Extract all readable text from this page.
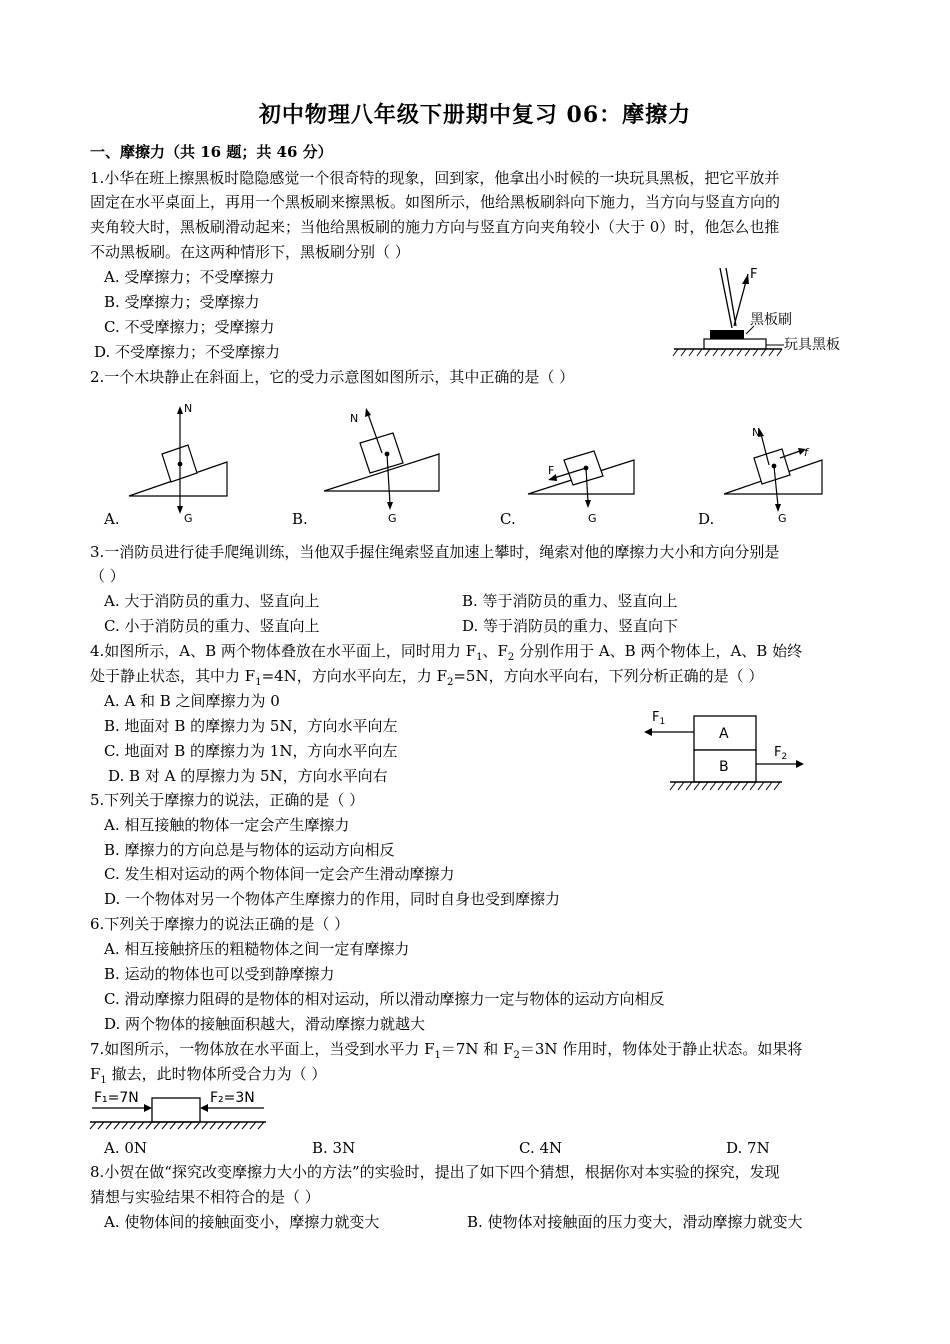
初中物理八年级下册期中复习 06：摩擦力
一、摩擦力（共 16 题；共 46 分）
1.小华在班上擦黑板时隐隐感觉一个很奇特的现象，回到家，他拿出小时候的一块玩具黑板，把它平放并
固定在水平桌面上，再用一个黑板刷来擦黑板。如图所示，他给黑板刷斜向下施力，当方向与竖直方向的
夹角较大时，黑板刷滑动起来；当他给黑板刷的施力方向与竖直方向夹角较小（大于 0）时，他怎么也推
不动黑板刷。在这两种情形下，黑板刷分别（ ）
A. 受摩擦力；不受摩擦力
B. 受摩擦力；受摩擦力
C. 不受摩擦力；受摩擦力
D. 不受摩擦力；不受摩擦力
F
黑板刷
玩具黑板
2.一个木块静止在斜面上，它的受力示意图如图所示，其中正确的是（ ）
A.
N
G	B.
N
G	C.
F
G	D.
N
f
G
3.一消防员进行徒手爬绳训练，当他双手握住绳索竖直加速上攀时，绳索对他的摩擦力大小和方向分别是
（ ）
A. 大于消防员的重力、竖直向上	B. 等于消防员的重力、竖直向上
C. 小于消防员的重力、竖直向上	D. 等于消防员的重力、竖直向下
4.如图所示，A、B 两个物体叠放在水平面上，同时用力 $F_1$、$F_2$ 分别作用于 A、B 两个物体上，A、B 始终
处于静止状态，其中力 $F_1=4N$，方向水平向左，力 $F_2=5N$，方向水平向右，下列分析正确的是（ ）
A. A 和 B 之间摩擦力为 0
B. 地面对 B 的摩擦力为 5N，方向水平向左
C. 地面对 B 的摩擦力为 1N，方向水平向左
D. B 对 A 的厚擦力为 5N，方向水平向右
A
B
$F_1$
$F_2$
5.下列关于摩擦力的说法，正确的是（ ）
A. 相互接触的物体一定会产生摩擦力
B. 摩擦力的方向总是与物体的运动方向相反
C. 发生相对运动的两个物体间一定会产生滑动摩擦力
D. 一个物体对另一个物体产生摩擦力的作用，同时自身也受到摩擦力
6.下列关于摩擦力的说法正确的是（ ）
A. 相互接触挤压的粗糙物体之间一定有摩擦力
B. 运动的物体也可以受到静摩擦力
C. 滑动摩擦力阻碍的是物体的相对运动，所以滑动摩擦力一定与物体的运动方向相反
D. 两个物体的接触面积越大，滑动摩擦力就越大
7.如图所示，一物体放在水平面上，当受到水平力 $F_1=7N$ 和 $F_2=3N$ 作用时，物体处于静止状态。如果将
$F_1$ 撤去，此时物体所受合力为（ ）
F₁=7N	F₂=3N
A. 0N	B. 3N	C. 4N	D. 7N
8.小贺在做“探究改变摩擦力大小的方法”的实验时，提出了如下四个猜想，根据你对本实验的探究，发现
猜想与实验结果不相符合的是（ ）
A. 使物体间的接触面变小，摩擦力就变大	B. 使物体对接触面的压力变大，滑动摩擦力就变大
